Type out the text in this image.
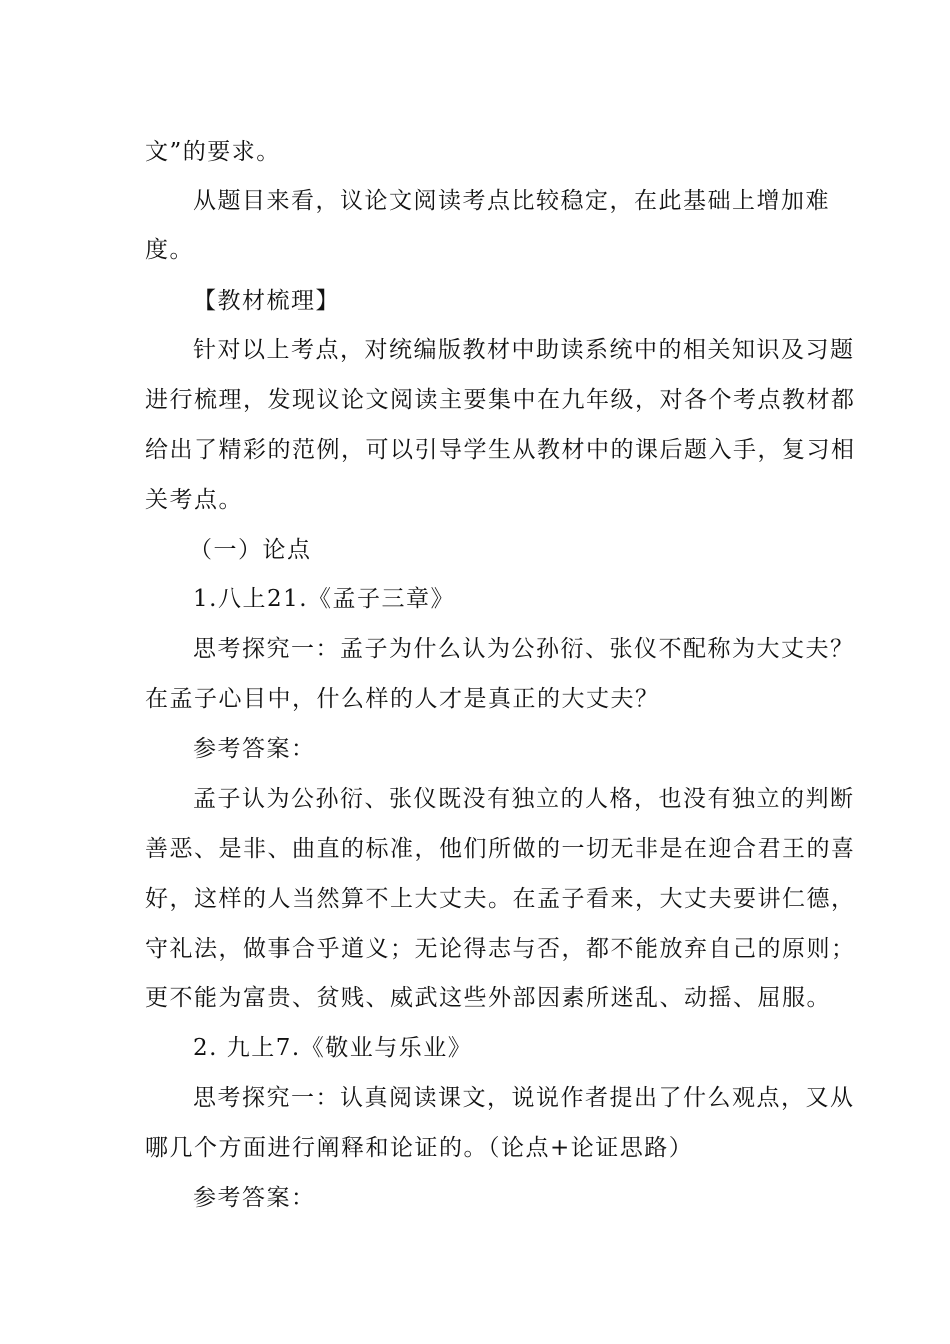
文”的要求。
从题目来看，议论文阅读考点比较稳定，在此基础上增加难
度。
【教材梳理】
针对以上考点，对统编版教材中助读系统中的相关知识及习题
进行梳理，发现议论文阅读主要集中在九年级，对各个考点教材都
给出了精彩的范例，可以引导学生从教材中的课后题入手，复习相
关考点。
（一）论点
1.八上21.《孟子三章》
思考探究一：孟子为什么认为公孙衍、张仪不配称为大丈夫？
在孟子心目中，什么样的人才是真正的大丈夫？
参考答案：
孟子认为公孙衍、张仪既没有独立的人格，也没有独立的判断
善恶、是非、曲直的标准，他们所做的一切无非是在迎合君王的喜
好，这样的人当然算不上大丈夫。在孟子看来，大丈夫要讲仁德，
守礼法，做事合乎道义；无论得志与否，都不能放弃自己的原则；
更不能为富贵、贫贱、威武这些外部因素所迷乱、动摇、屈服。
2. 九上7.《敬业与乐业》
思考探究一：认真阅读课文，说说作者提出了什么观点，又从
哪几个方面进行阐释和论证的。（论点+论证思路）
参考答案：
